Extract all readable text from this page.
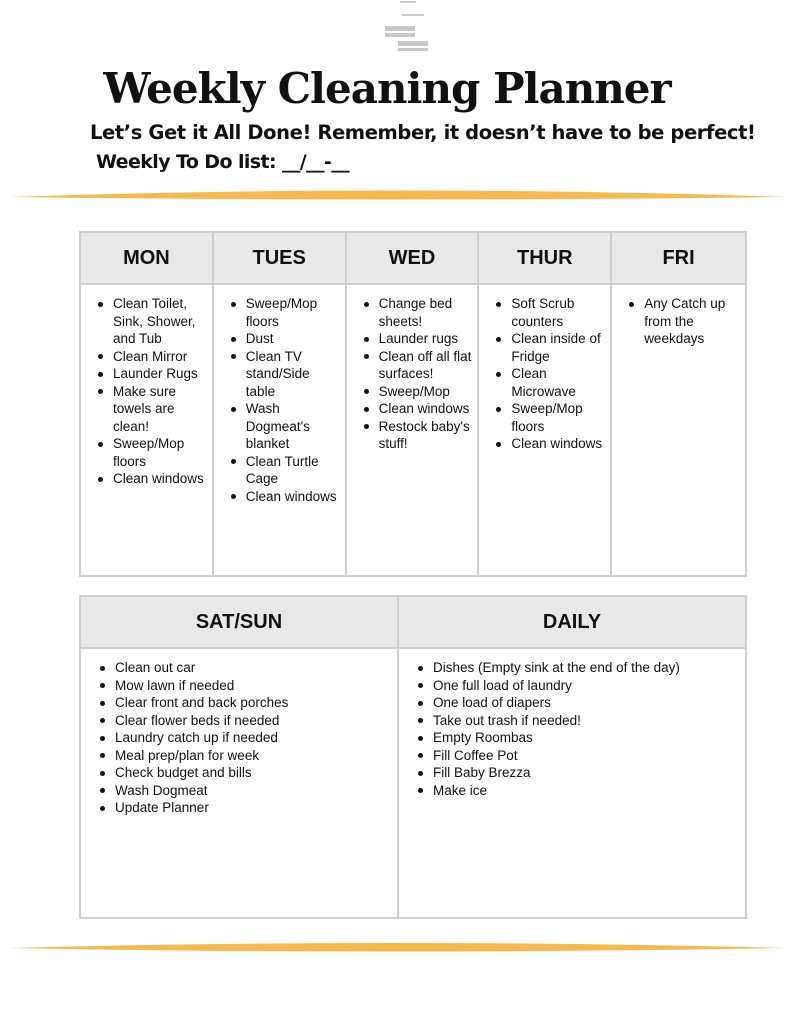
Weekly Cleaning Planner
Let’s Get it All Done! Remember, it doesn’t have to be perfect!
Weekly To Do list: __/__-__
MON
Clean Toilet, Sink, Shower, and Tub
Clean Mirror
Launder Rugs
Make sure towels are clean!
Sweep/Mop floors
Clean windows
TUES
Sweep/Mop floors
Dust
Clean TV stand/Side table
Wash Dogmeat's blanket
Clean Turtle Cage
Clean windows
WED
Change bed sheets!
Launder rugs
Clean off all flat surfaces!
Sweep/Mop
Clean windows
Restock baby's stuff!
THUR
Soft Scrub counters
Clean inside of Fridge
Clean Microwave
Sweep/Mop floors
Clean windows
FRI
Any Catch up from the weekdays
SAT/SUN
Clean out car
Mow lawn if needed
Clear front and back porches
Clear flower beds if needed
Laundry catch up if needed
Meal prep/plan for week
Check budget and bills
Wash Dogmeat
Update Planner
DAILY
Dishes (Empty sink at the end of the day)
One full load of laundry
One load of diapers
Take out trash if needed!
Empty Roombas
Fill Coffee Pot
Fill Baby Brezza
Make ice
